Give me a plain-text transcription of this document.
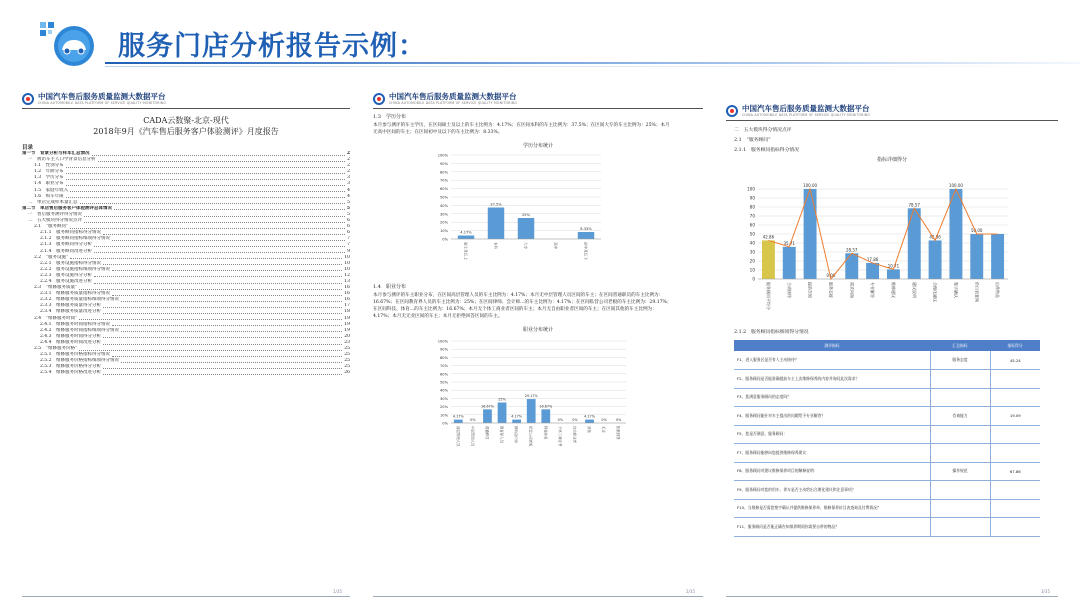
服务门店分析报告示例：
中国汽车售后服务质量监测大数据平台
CHINA AUTOMOBILE DATA PLATFORM OF SERVICE QUALITY MONITORING
CADA云数聚-北京-现代
2018年9月《汽车售后服务客户体验测评》月度报告
目录
第一节　背景分析与样本汇总情况	2
一　被访车主人口学背景信息分析	2
1.1　性别分布	2
1.2　年龄分布	2
1.3　学历分布	3
1.4　职业分布	3
1.5　家庭年收入	4
1.6　购车年限	4
二　单店完成样本量汇总	5
第二节　单店售后服务客户体验测评总体情况	5
一　售后服务测评得分情况	5
二　五大模块得分情况点评	6
2.1　“服务顾问”	6
2.1.1　服务顾问指标得分情况	6
2.1.2　服务顾问指标细项得分情况	7
2.1.3　服务顾问得分分析	7
2.1.4　服务顾问改进分析	9
2.2　“服务设施”	10
2.2.1　服务设施指标得分情况	10
2.2.2　服务设施指标细项得分情况	10
2.2.3　服务设施得分分析	12
2.2.4　服务设施改进分析	13
2.3　“维修服务质量”	16
2.3.1　维修服务质量指标得分情况	16
2.3.2　维修服务质量指标细项得分情况	16
2.3.3　维修服务质量得分分析	17
2.3.4　维修服务质量改进分析	18
2.4　“维修服务时间”	19
2.4.1　维修服务时间指标得分情况	19
2.4.2　维修服务时间指标细项得分情况	19
2.4.3　维修服务时间得分分析	20
2.4.4　维修服务时间改进分析	23
2.5　“维修服务价格”	25
2.5.1　维修服务价格指标得分情况	25
2.5.2　维修服务价格指标细项得分情况	25
2.5.3　维修服务价格得分分析	25
2.5.4　维修服务价格改进分析	26
1/35
中国汽车售后服务质量监测大数据平台
CHINA AUTOMOBILE DATA PLATFORM OF SERVICE QUALITY MONITORING
1.3　学历分布
本月参与测评的车主学历，在区间硕士及以上的车主比例为：4.17%；在区间本科的车主比例为：37.5%；在区间大专的车主比例为：25%；本月无高中区间的车主；在区间初中及以下的车主比例为：8.33%。
学历分布统计
100%
90%
80%
70%
60%
50%
40%
30%
20%
10%
0%
4.17%
硕士及以上
37.5%
本科
25%
大专	高中
8.33%
初中及以下
1.4　职业分布
本月参与测评的车主职业分布，在区间高层管理人员的车主比例为：4.17%；本月无中层管理人员区间的车主；在区间普通职员的车主比例为：16.67%；在区间教育界人员的车主比例为：25%；在区间律师、会计师...的车主比例为：4.17%；在区间私营公司老板的车主比例为：29.17%；在区间科技、体育...的车主比例为：16.67%；本月无个体工商业者区间的车主；本月无自由职业者区间的车主；在区间其他的车主比例为：4.17%；本月无无业区间的车主；本月无拒绝回答区间的车主。
职业分布统计
100%
90%
80%
70%
60%
50%
40%
30%
20%
10%
0%
4.17%
高层管理人员
0%
中层管理人员
16.67%
普通职员
25%
教育界人员
4.17%
律师会计师
29.17%
私营公司老板
16.67%
科技体育
0%
个体工商业者
0%
自由职业者
4.17%
其他
0%
无业
0%
拒绝回答
2/35
中国汽车售后服务质量监测大数据平台
CHINA AUTOMOBILE DATA PLATFORM OF SERVICE QUALITY MONITORING
二　五大模块得分情况点评
2.1　“服务顾问”
2.1.1　服务顾问指标得分情况
指标详细得分
100
90
80
70
60
50
40
30
20
10
0
42.86
服务顾问平均分
35.71
主动接待
100.00
提前告知
0.00
服务态度
28.57
需求问询
17.86
专业解答
10.71
维修建议
78.57
建议说明
42.86
合理化建议
100.00
签字确认
50.00
价目表查询	自带物品
2.1.2　服务顾问指标细项得分情况
测评指标	汇总指标	指标得分
F1、进入服务区是否有人主动接待？	服务态度	45.24
F2、服务顾问是否能准确提前车主上次维修保养的内容并询问此次需求？		
F3、您满意服务顾问的态度吗？		
F4、服务顾问能针对车主提出的问题给予专业解答？	咨询能力	19.09
F5、您是否满意，服务顾问：		
F7、服务顾问能够向您提供维修保养建议：		
F8、服务顾问对建议维修保养项目的解释说明：	操作规范	67.86
F9、服务顾问对您的用车、养车是否主动给出合理化建议和注意事项？		
F10、当维修是否需您签字确认并提供维修保养单，维修保养价目表查询及付费情况？		
F11、服务顾问是否能正确告知保养期间你需要自带的物品？		
3/35
